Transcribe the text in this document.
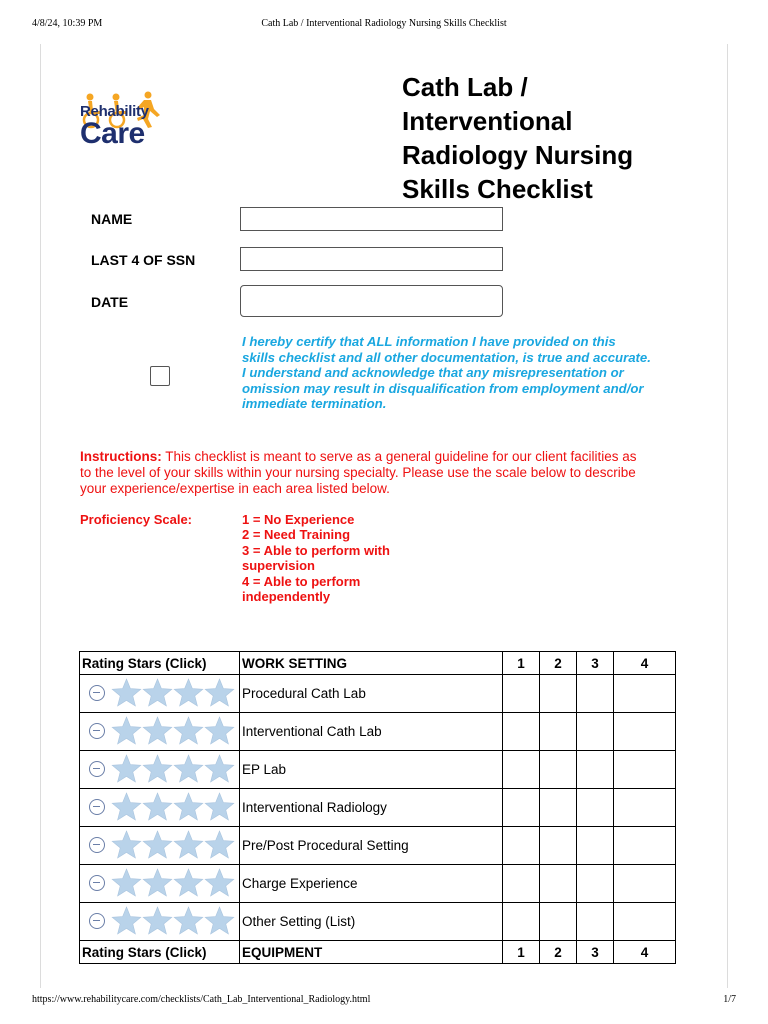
4/8/24, 10:39 PM	Cath Lab / Interventional Radiology Nursing Skills Checklist
Rehability
Care
Cath Lab /
Interventional
Radiology Nursing
Skills Checklist
NAME
LAST 4 OF SSN
DATE
I hereby certify that ALL information I have provided on this skills checklist and all other documentation, is true and accurate. I understand and acknowledge that any misrepresentation or omission may result in disqualification from employment and/or immediate termination.
Instructions: This checklist is meant to serve as a general guideline for our client facilities as to the level of your skills within your nursing specialty. Please use the scale below to describe your experience/expertise in each area listed below.
Proficiency Scale:	1 = No Experience
2 = Need Training
3 = Able to perform with supervision
4 = Able to perform independently
Rating Stars (Click)	WORK SETTING	1	2	3	4

	Procedural Cath Lab				

	Interventional Cath Lab				

	EP Lab				

	Interventional Radiology				

	Pre/Post Procedural Setting				

	Charge Experience				

	Other Setting (List)				
Rating Stars (Click)	EQUIPMENT	1	2	3	4
https://www.rehabilitycare.com/checklists/Cath_Lab_Interventional_Radiology.html	1/7
